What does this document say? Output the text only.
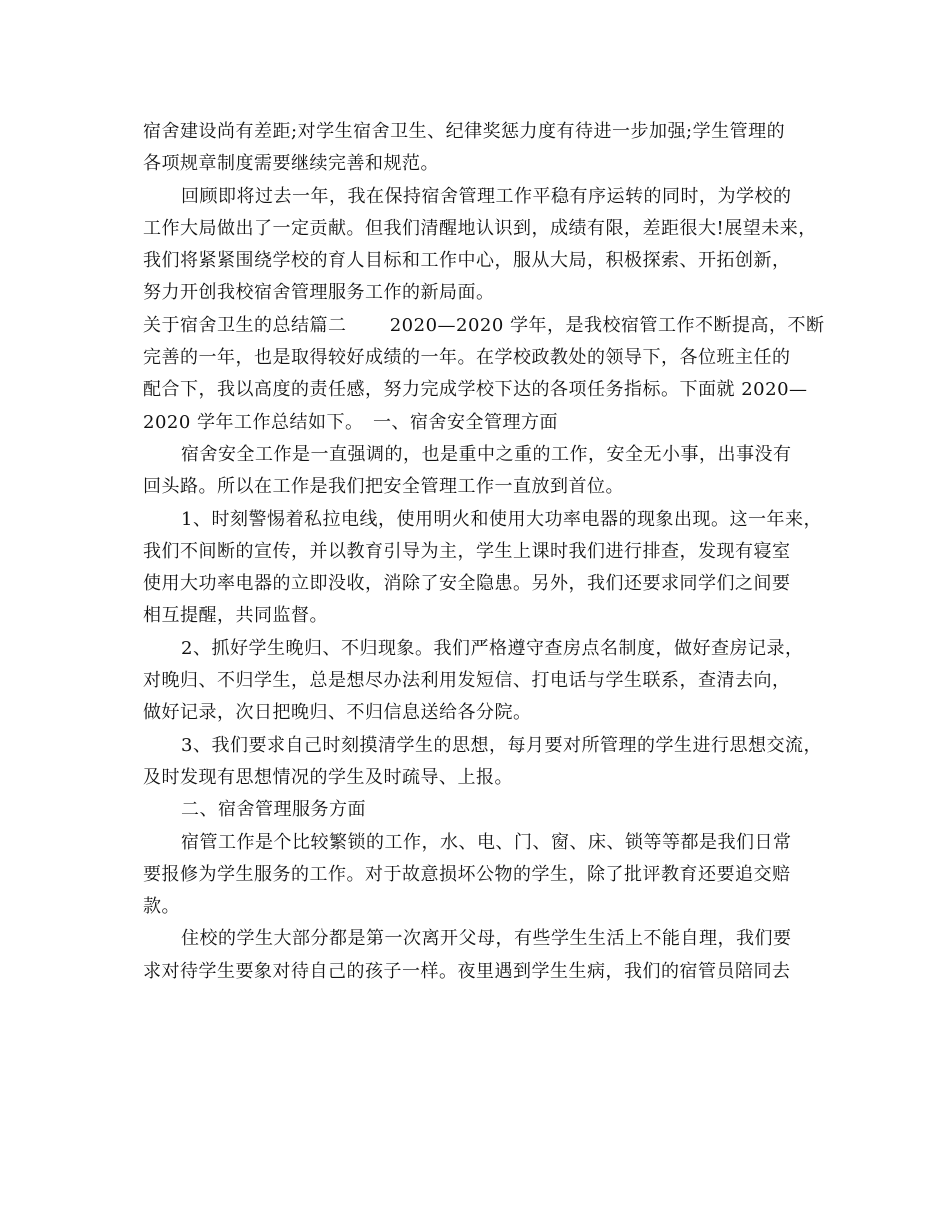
宿舍建设尚有差距;对学生宿舍卫生、纪律奖惩力度有待进一步加强;学生管理的
各项规章制度需要继续完善和规范。
回顾即将过去一年，我在保持宿舍管理工作平稳有序运转的同时，为学校的
工作大局做出了一定贡献。但我们清醒地认识到，成绩有限，差距很大!展望未来，
我们将紧紧围绕学校的育人目标和工作中心，服从大局，积极探索、开拓创新，
努力开创我校宿舍管理服务工作的新局面。
关于宿舍卫生的总结篇二　　 2020—2020 学年，是我校宿管工作不断提高，不断
完善的一年，也是取得较好成绩的一年。在学校政教处的领导下，各位班主任的
配合下，我以高度的责任感，努力完成学校下达的各项任务指标。下面就 2020—
2020 学年工作总结如下。　一、宿舍安全管理方面
宿舍安全工作是一直强调的，也是重中之重的工作，安全无小事，出事没有
回头路。所以在工作是我们把安全管理工作一直放到首位。
1、时刻警惕着私拉电线，使用明火和使用大功率电器的现象出现。这一年来，
我们不间断的宣传，并以教育引导为主，学生上课时我们进行排查，发现有寝室
使用大功率电器的立即没收，消除了安全隐患。另外，我们还要求同学们之间要
相互提醒，共同监督。
2、抓好学生晚归、不归现象。我们严格遵守查房点名制度，做好查房记录，
对晚归、不归学生，总是想尽办法利用发短信、打电话与学生联系，查清去向，
做好记录，次日把晚归、不归信息送给各分院。
3、我们要求自己时刻摸清学生的思想，每月要对所管理的学生进行思想交流，
及时发现有思想情况的学生及时疏导、上报。
二、宿舍管理服务方面
宿管工作是个比较繁锁的工作，水、电、门、窗、床、锁等等都是我们日常
要报修为学生服务的工作。对于故意损坏公物的学生，除了批评教育还要追交赔
款。
住校的学生大部分都是第一次离开父母，有些学生生活上不能自理，我们要
求对待学生要象对待自己的孩子一样。夜里遇到学生生病，我们的宿管员陪同去
